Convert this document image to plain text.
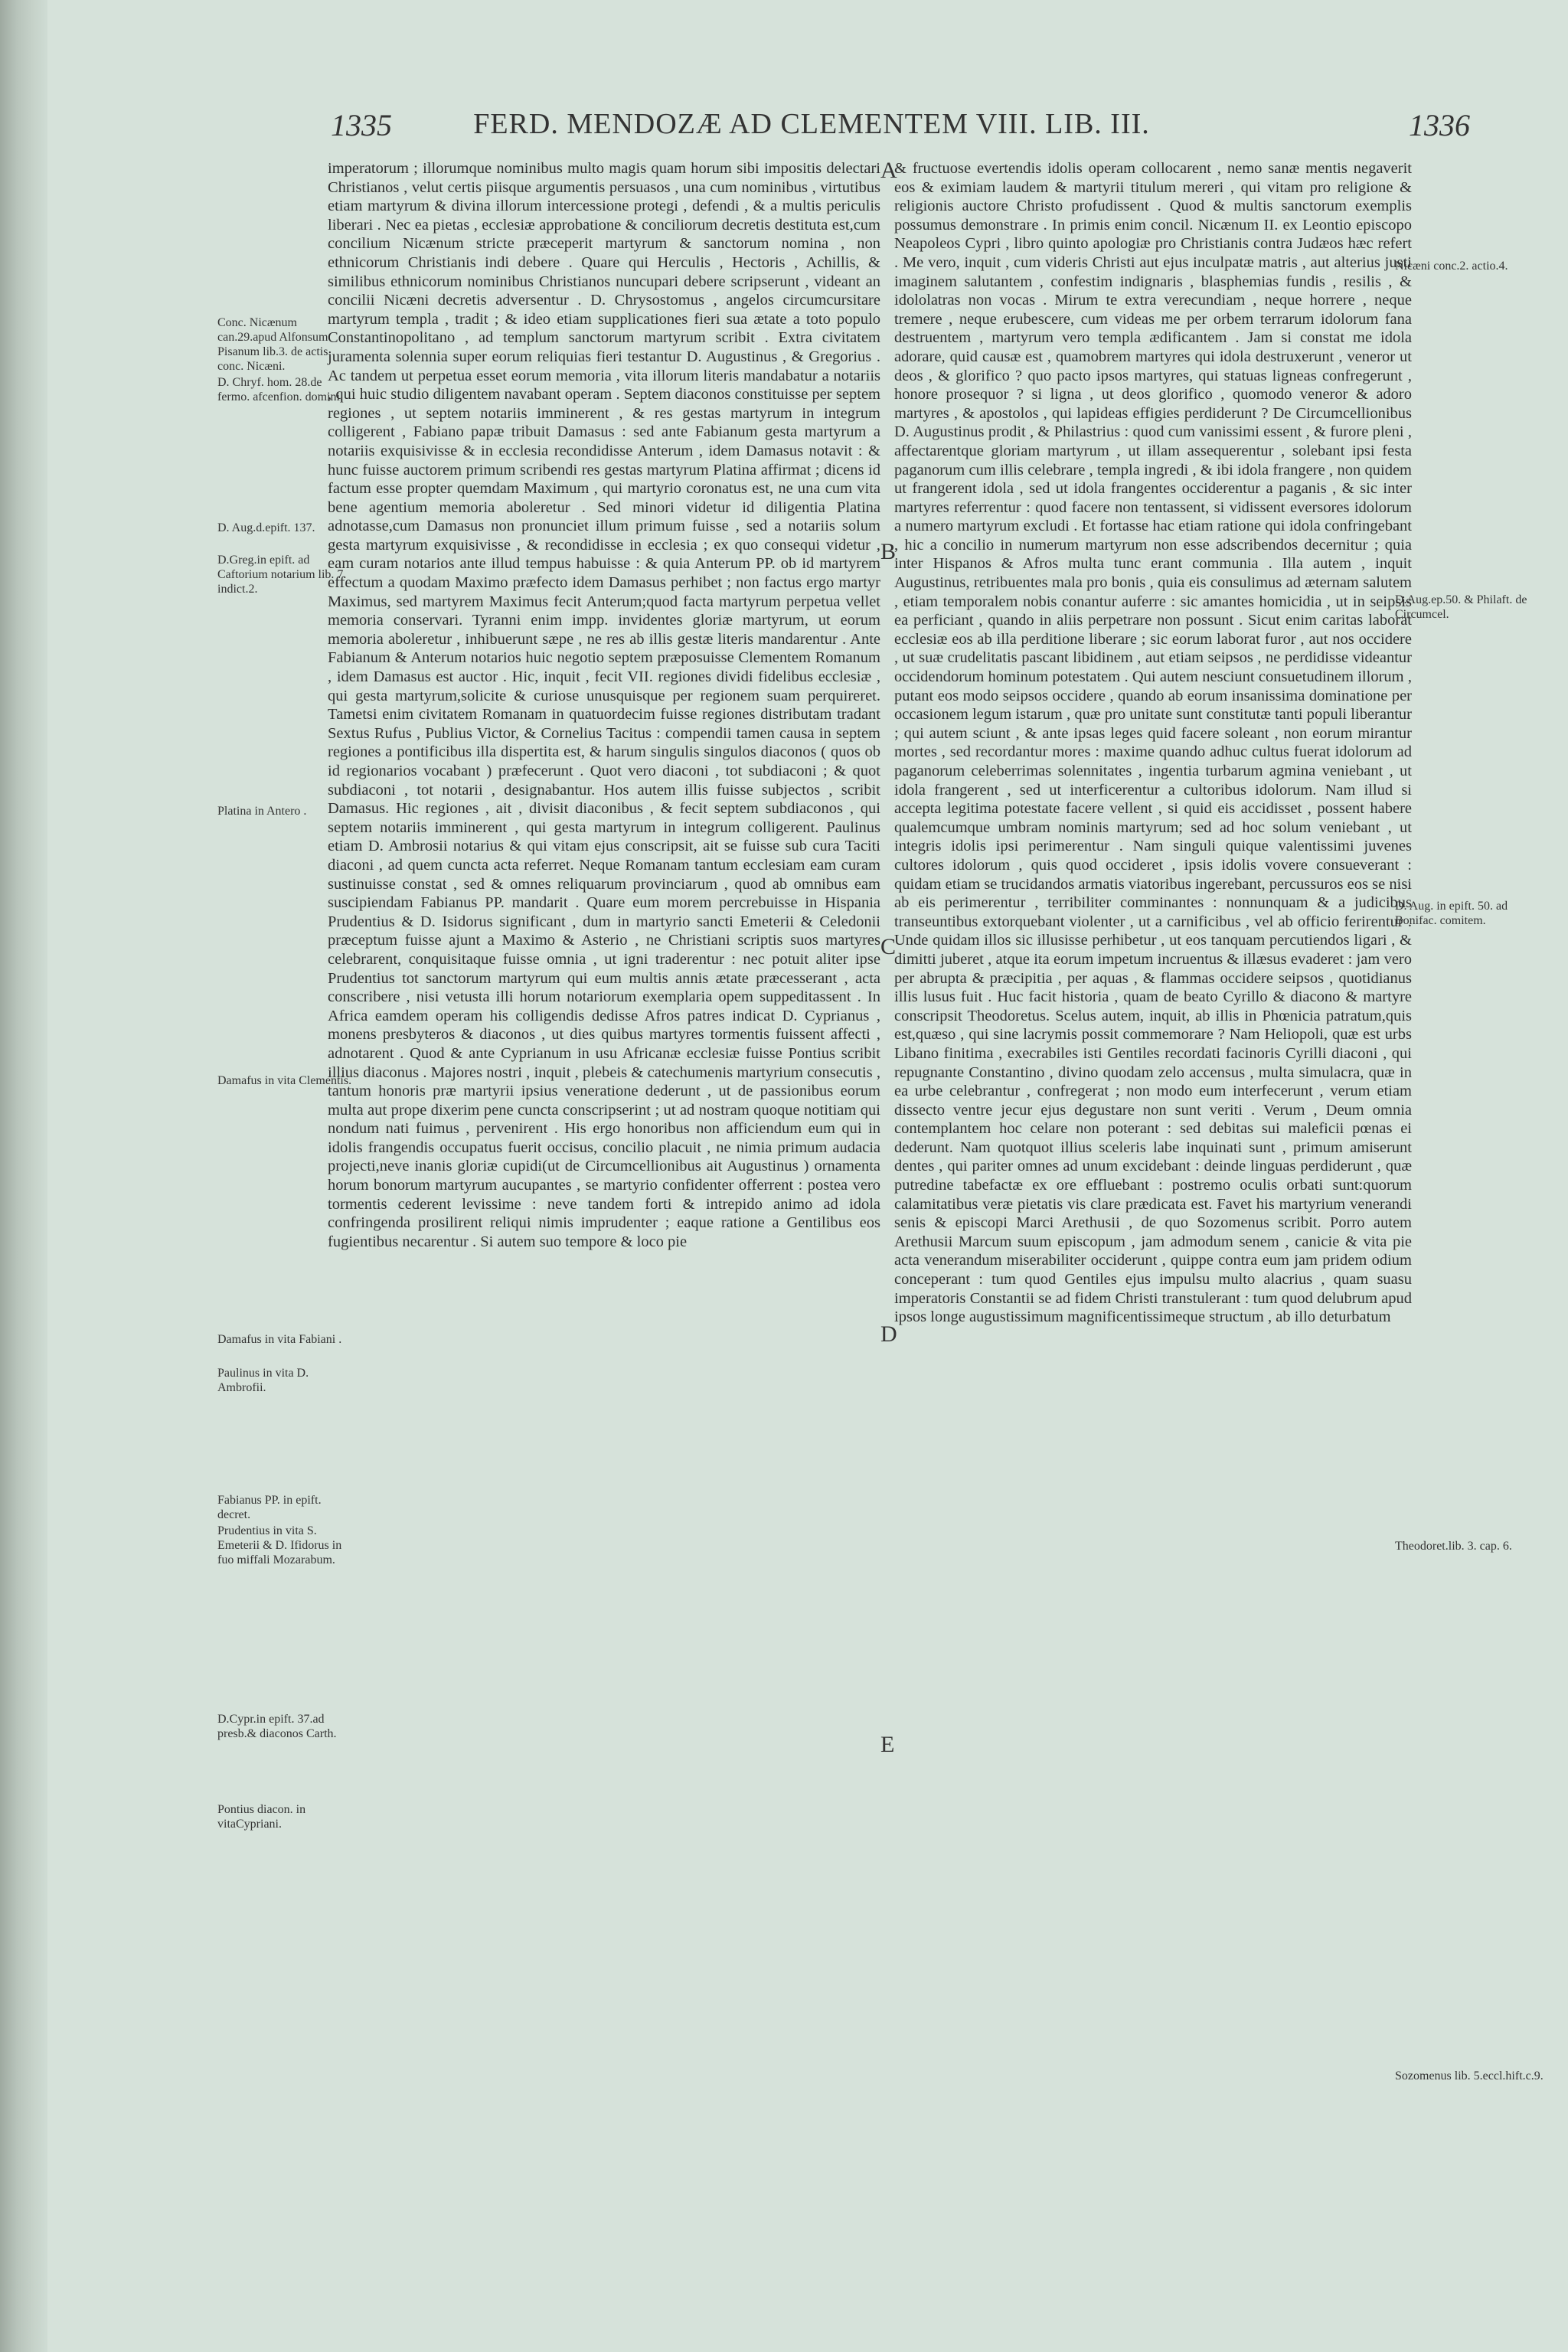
1335	FERD. MENDOZÆ AD CLEMENTEM VIII. LIB. III.	1336
A
B
C
D
E

imperatorum ; illorumque nominibus multo magis quam horum sibi impositis delectari Christianos , velut certis piisque argumentis persuasos , una cum nominibus , virtutibus etiam martyrum & divina illorum intercessione protegi , defendi , & a multis periculis liberari . Nec ea pietas , ecclesiæ approbatione & conciliorum decretis destituta est,cum concilium Nicænum stricte præceperit martyrum & sanctorum nomina , non ethnicorum Christianis indi debere . Quare qui Herculis , Hectoris , Achillis, & similibus ethnicorum nominibus Christianos nuncupari debere scripserunt , videant an concilii Nicæni decretis adversentur . D. Chrysostomus , angelos circumcursitare martyrum templa , tradit ; & ideo etiam supplicationes fieri sua ætate a toto populo Constantinopolitano , ad templum sanctorum martyrum scribit . Extra civitatem juramenta solennia super eorum reliquias fieri testantur D. Augustinus , & Gregorius . Ac tandem ut perpetua esset eorum memoria , vita illorum literis mandabatur a notariis , qui huic studio diligentem navabant operam . Septem diaconos constituisse per septem regiones , ut septem notariis imminerent , & res gestas martyrum in integrum colligerent , Fabiano papæ tribuit Damasus : sed ante Fabianum gesta martyrum a notariis exquisivisse & in ecclesia recondidisse Anterum , idem Damasus notavit : & hunc fuisse auctorem primum scribendi res gestas martyrum Platina affirmat ; dicens id factum esse propter quemdam Maximum , qui martyrio coronatus est, ne una cum vita bene agentium memoria aboleretur . Sed minori videtur id diligentia Platina adnotasse,cum Damasus non pronunciet illum primum fuisse , sed a notariis solum gesta martyrum exquisivisse , & recondidisse in ecclesia ; ex quo consequi videtur , eam curam notarios ante illud tempus habuisse : & quia Anterum PP. ob id martyrem effectum a quodam Maximo præfecto idem Damasus perhibet ; non factus ergo martyr Maximus, sed martyrem Maximus fecit Anterum;quod facta martyrum perpetua vellet memoria conservari. Tyranni enim impp. invidentes gloriæ martyrum, ut eorum memoria aboleretur , inhibuerunt sæpe , ne res ab illis gestæ literis mandarentur . Ante Fabianum & Anterum notarios huic negotio septem præposuisse Clementem Romanum , idem Damasus est auctor . Hic, inquit , fecit VII. regiones dividi fidelibus ecclesiæ , qui gesta martyrum,solicite & curiose unusquisque per regionem suam perquireret. Tametsi enim civitatem Romanam in quatuordecim fuisse regiones distributam tradant Sextus Rufus , Publius Victor, & Cornelius Tacitus : compendii tamen causa in septem regiones a pontificibus illa dispertita est, & harum singulis singulos diaconos ( quos ob id regionarios vocabant ) præfecerunt . Quot vero diaconi , tot subdiaconi ; & quot subdiaconi , tot notarii , designabantur. Hos autem illis fuisse subjectos , scribit Damasus. Hic regiones , ait , divisit diaconibus , & fecit septem subdiaconos , qui septem notariis imminerent , qui gesta martyrum in integrum colligerent. Paulinus etiam D. Ambrosii notarius & qui vitam ejus conscripsit, ait se fuisse sub cura Taciti diaconi , ad quem cuncta acta referret. Neque Romanam tantum ecclesiam eam curam sustinuisse constat , sed & omnes reliquarum provinciarum , quod ab omnibus eam suscipiendam Fabianus PP. mandarit . Quare eum morem percrebuisse in Hispania Prudentius & D. Isidorus significant , dum in martyrio sancti Emeterii & Celedonii præceptum fuisse ajunt a Maximo & Asterio , ne Christiani scriptis suos martyres celebrarent, conquisitaque fuisse omnia , ut igni traderentur : nec potuit aliter ipse Prudentius tot sanctorum martyrum qui eum multis annis ætate præcesserant , acta conscribere , nisi vetusta illi horum notariorum exemplaria opem suppeditassent . In Africa eamdem operam his colligendis dedisse Afros patres indicat D. Cyprianus , monens presbyteros & diaconos , ut dies quibus martyres tormentis fuissent affecti , adnotarent . Quod & ante Cyprianum in usu Africanæ ecclesiæ fuisse Pontius scribit illius diaconus . Majores nostri , inquit , plebeis & catechumenis martyrium consecutis , tantum honoris præ martyrii ipsius veneratione dederunt , ut de passionibus eorum multa aut prope dixerim pene cuncta conscripserint ; ut ad nostram quoque notitiam qui nondum nati fuimus , pervenirent . His ergo honoribus non afficiendum eum qui in idolis frangendis occupatus fuerit occisus, concilio placuit , ne nimia primum audacia projecti,neve inanis gloriæ cupidi(ut de Circumcellionibus ait Augustinus ) ornamenta horum bonorum martyrum aucupantes , se martyrio confidenter offerrent : postea vero tormentis cederent levissime : neve tandem forti & intrepido animo ad idola confringenda prosilirent reliqui nimis imprudenter ; eaque ratione a Gentilibus eos fugientibus necarentur . Si autem suo tempore & loco pie

& fructuose evertendis idolis operam collocarent , nemo sanæ mentis negaverit eos & eximiam laudem & martyrii titulum mereri , qui vitam pro religione & religionis auctore Christo profudissent . Quod & multis sanctorum exemplis possumus demonstrare . In primis enim concil. Nicænum II. ex Leontio episcopo Neapoleos Cypri , libro quinto apologiæ pro Christianis contra Judæos hæc refert . Me vero, inquit , cum videris Christi aut ejus inculpatæ matris , aut alterius justi imaginem salutantem , confestim indignaris , blasphemias fundis , resilis , & idololatras non vocas . Mirum te extra verecundiam , neque horrere , neque tremere , neque erubescere, cum videas me per orbem terrarum idolorum fana destruentem , martyrum vero templa ædificantem . Jam si constat me idola adorare, quid causæ est , quamobrem martyres qui idola destruxerunt , veneror ut deos , & glorifico ? quo pacto ipsos martyres, qui statuas ligneas confregerunt , honore prosequor ? si ligna , ut deos glorifico , quomodo veneror & adoro martyres , & apostolos , qui lapideas effigies perdiderunt ? De Circumcellionibus D. Augustinus prodit , & Philastrius : quod cum vanissimi essent , & furore pleni , affectarentque gloriam martyrum , ut illam assequerentur , solebant ipsi festa paganorum cum illis celebrare , templa ingredi , & ibi idola frangere , non quidem ut frangerent idola , sed ut idola frangentes occiderentur a paganis , & sic inter martyres referrentur : quod facere non tentassent, si vidissent eversores idolorum a numero martyrum excludi . Et fortasse hac etiam ratione qui idola confringebant , hic a concilio in numerum martyrum non esse adscribendos decernitur ; quia inter Hispanos & Afros multa tunc erant communia . Illa autem , inquit Augustinus, retribuentes mala pro bonis , quia eis consulimus ad æternam salutem , etiam temporalem nobis conantur auferre : sic amantes homicidia , ut in seipsis ea perficiant , quando in aliis perpetrare non possunt . Sicut enim caritas laborat ecclesiæ eos ab illa perditione liberare ; sic eorum laborat furor , aut nos occidere , ut suæ crudelitatis pascant libidinem , aut etiam seipsos , ne perdidisse videantur occidendorum hominum potestatem . Qui autem nesciunt consuetudinem illorum , putant eos modo seipsos occidere , quando ab eorum insanissima dominatione per occasionem legum istarum , quæ pro unitate sunt constitutæ tanti populi liberantur ; qui autem sciunt , & ante ipsas leges quid facere soleant , non eorum mirantur mortes , sed recordantur mores : maxime quando adhuc cultus fuerat idolorum ad paganorum celeberrimas solennitates , ingentia turbarum agmina veniebant , ut idola frangerent , sed ut interficerentur a cultoribus idolorum. Nam illud si accepta legitima potestate facere vellent , si quid eis accidisset , possent habere qualemcumque umbram nominis martyrum; sed ad hoc solum veniebant , ut integris idolis ipsi perimerentur . Nam singuli quique valentissimi juvenes cultores idolorum , quis quod occideret , ipsis idolis vovere consueverant : quidam etiam se trucidandos armatis viatoribus ingerebant, percussuros eos se nisi ab eis perimerentur , terribiliter comminantes : nonnunquam & a judicibus transeuntibus extorquebant violenter , ut a carnificibus , vel ab officio ferirentur . Unde quidam illos sic illusisse perhibetur , ut eos tanquam percutiendos ligari , & dimitti juberet , atque ita eorum impetum incruentus & illæsus evaderet : jam vero per abrupta & præcipitia , per aquas , & flammas occidere seipsos , quotidianus illis lusus fuit . Huc facit historia , quam de beato Cyrillo & diacono & martyre conscripsit Theodoretus. Scelus autem, inquit, ab illis in Phœnicia patratum,quis est,quæso , qui sine lacrymis possit commemorare ? Nam Heliopoli, quæ est urbs Libano finitima , execrabiles isti Gentiles recordati facinoris Cyrilli diaconi , qui repugnante Constantino , divino quodam zelo accensus , multa simulacra, quæ in ea urbe celebrantur , confregerat ; non modo eum interfecerunt , verum etiam dissecto ventre jecur ejus degustare non sunt veriti . Verum , Deum omnia contemplantem hoc celare non poterant : sed debitas sui maleficii pœnas ei dederunt. Nam quotquot illius sceleris labe inquinati sunt , primum amiserunt dentes , qui pariter omnes ad unum excidebant : deinde linguas perdiderunt , quæ putredine tabefactæ ex ore effluebant : postremo oculis orbati sunt:quorum calamitatibus veræ pietatis vis clare prædicata est. Favet his martyrium venerandi senis & episcopi Marci Arethusii , de quo Sozomenus scribit. Porro autem Arethusii Marcum suum episcopum , jam admodum senem , canicie & vita pie acta venerandum miserabiliter occiderunt , quippe contra eum jam pridem odium conceperant : tum quod Gentiles ejus impulsu multo alacrius , quam suasu imperatoris Constantii se ad fidem Christi transtulerant : tum quod delubrum apud ipsos longe augustissimum magnificentissimeque structum , ab illo deturbatum

Conc. Nicænum can.29.apud Alfonsum Pisanum lib.3. de actis conc. Nicæni.
D. Chryf. hom. 28.de fermo. afcenfion. domini.
D. Aug.d.epift. 137.
D.Greg.in epift. ad Caftorium notarium lib. 7. indict.2.
Platina in Antero .
Damafus in vita Clementis.
Damafus in vita Fabiani .
Paulinus in vita D. Ambrofii.
Fabianus PP. in epift. decret.
Prudentius in vita S. Emeterii & D. Ifidorus in fuo miffali Mozarabum.
D.Cypr.in epift. 37.ad presb.& diaconos Carth.
Pontius diacon. in vitaCypriani.
Nicæni conc.2. actio.4.
D.Aug.ep.50. & Philaft. de Circumcel.
D. Aug. in epift. 50. ad Bonifac. comitem.
Theodoret.lib. 3. cap. 6.
Sozomenus lib. 5.eccl.hift.c.9.
